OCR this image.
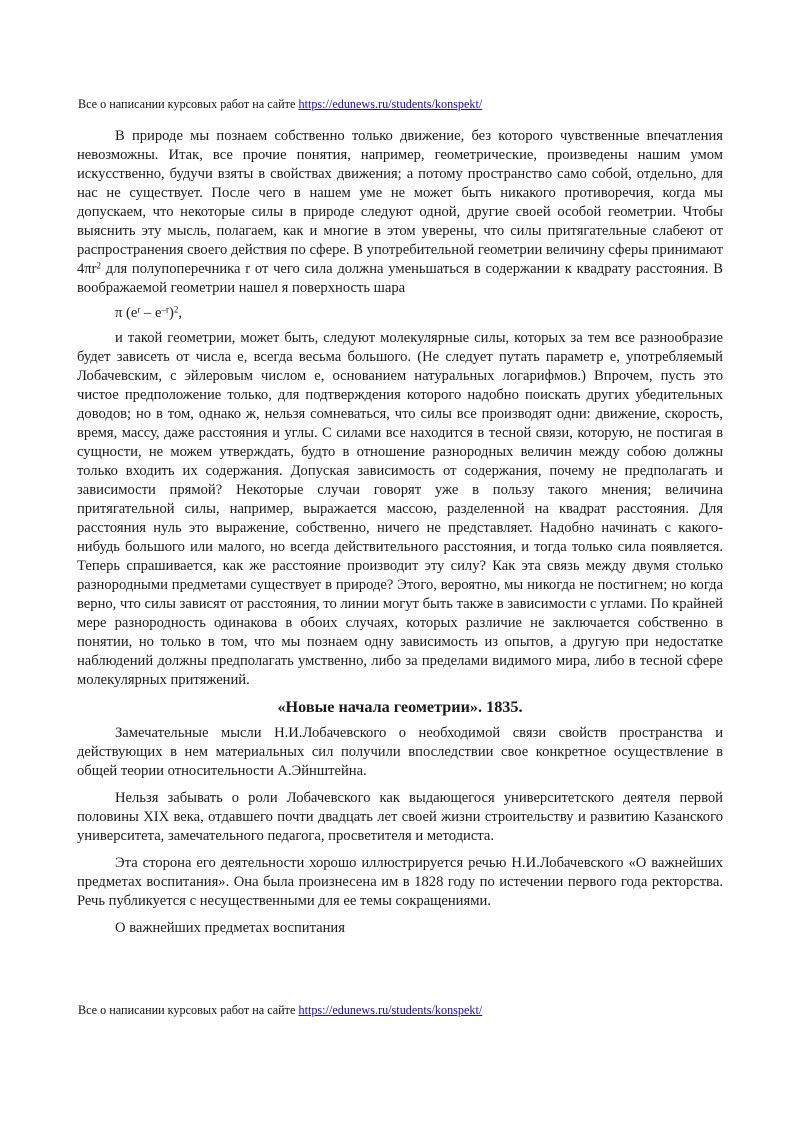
Все о написании курсовых работ на сайте https://edunews.ru/students/konspekt/

В природе мы познаем собственно только движение, без которого чувственные впечатления невозможны. Итак, все прочие понятия, например, геометрические, произведены нашим умом искусственно, будучи взяты в свойствах движения; а потому пространство само собой, отдельно, для нас не существует. После чего в нашем уме не может быть никакого противоречия, когда мы допускаем, что некоторые силы в природе следуют одной, другие своей особой геометрии. Чтобы выяснить эту мысль, полагаем, как и многие в этом уверены, что силы притягательные слабеют от распространения своего действия по сфере. В употребительной геометрии величину сферы принимают $4\pi r^2$ для полупоперечника r от чего сила должна уменьшаться в содержании к квадрату расстояния. В воображаемой геометрии нашел я поверхность шара

π $(e^r - e^{-r})^2$,

и такой геометрии, может быть, следуют молекулярные силы, которых за тем все разнообразие будет зависеть от числа е, всегда весьма большого. (Не следует путать параметр е, употребляемый Лобачевским, с эйлеровым числом е, основанием натуральных логарифмов.) Впрочем, пусть это чистое предположение только, для подтверждения которого надобно поискать других убедительных доводов; но в том, однако ж, нельзя сомневаться, что силы все производят одни: движение, скорость, время, массу, даже расстояния и углы. С силами все находится в тесной связи, которую, не постигая в сущности, не можем утверждать, будто в отношение разнородных величин между собою должны только входить их содержания. Допуская зависимость от содержания, почему не предполагать и зависимости прямой? Некоторые случаи говорят уже в пользу такого мнения; величина притягательной силы, например, выражается массою, разделенной на квадрат расстояния. Для расстояния нуль это выражение, собственно, ничего не представляет. Надобно начинать с какого-нибудь большого или малого, но всегда действительного расстояния, и тогда только сила появляется. Теперь спрашивается, как же расстояние производит эту силу? Как эта связь между двумя столько разнородными предметами существует в природе? Этого, вероятно, мы никогда не постигнем; но когда верно, что силы зависят от расстояния, то линии могут быть также в зависимости с углами. По крайней мере разнородность одинакова в обоих случаях, которых различие не заключается собственно в понятии, но только в том, что мы познаем одну зависимость из опытов, а другую при недостатке наблюдений должны предполагать умственно, либо за пределами видимого мира, либо в тесной сфере молекулярных притяжений.

«Новые начала геометрии». 1835.

Замечательные мысли Н.И.Лобачевского о необходимой связи свойств пространства и действующих в нем материальных сил получили впоследствии свое конкретное осуществление в общей теории относительности А.Эйнштейна.

Нельзя забывать о роли Лобачевского как выдающегося университетского деятеля первой половины XIX века, отдавшего почти двадцать лет своей жизни строительству и развитию Казанского университета, замечательного педагога, просветителя и методиста.

Эта сторона его деятельности хорошо иллюстрируется речью Н.И.Лобачевского «О важнейших предметах воспитания». Она была произнесена им в 1828 году по истечении первого года ректорства. Речь публикуется с несущественными для ее темы сокращениями.

О важнейших предметах воспитания

Все о написании курсовых работ на сайте https://edunews.ru/students/konspekt/
